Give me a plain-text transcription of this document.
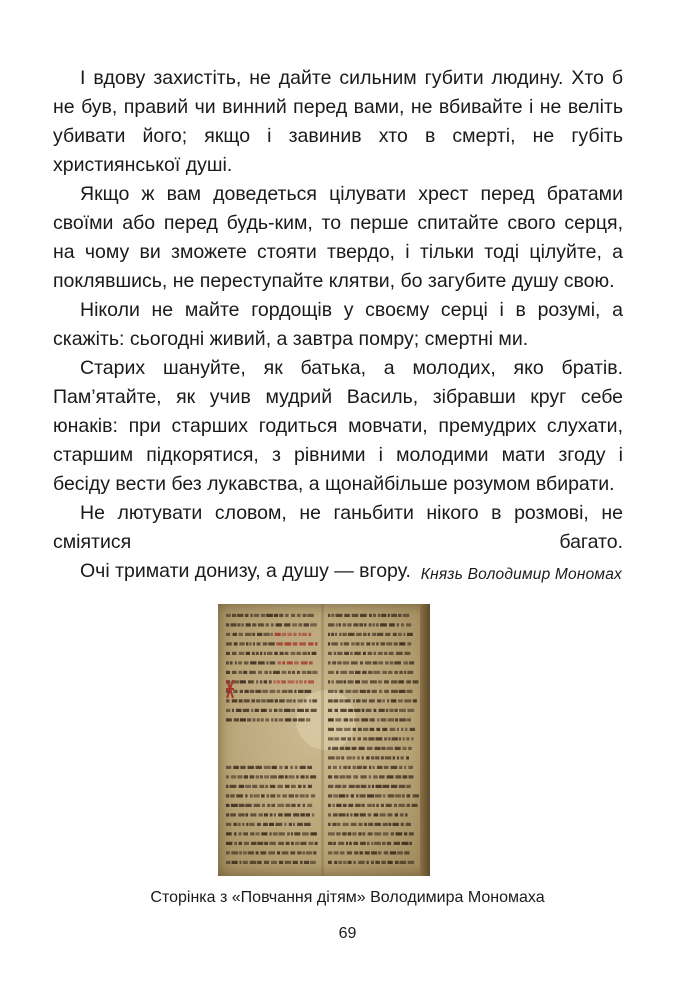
І вдову захистіть, не дайте сильним губити людину. Хто б не був, правий чи винний перед вами, не вбивайте і не веліть убивати його; якщо і завинив хто в смерті, не губіть християнської душі.

Якщо ж вам доведеться цілувати хрест перед братами своїми або перед будь-ким, то перше спитайте свого серця, на чому ви зможете стояти твердо, і тільки тоді цілуйте, а поклявшись, не переступайте клятви, бо загубите душу свою.

Ніколи не майте гордощів у своєму серці і в розумі, а скажіть: сьогодні живий, а завтра помру; смертні ми.

Старих шануйте, як батька, а молодих, яко братів. Пам’ятайте, як учив мудрий Василь, зібравши круг себе юнаків: при старших годиться мовчати, премудрих слухати, старшим підкорятися, з рівними і молодими мати згоду і бесіду вести без лукавства, а щонайбільше розумом вбирати.

Не лютувати словом, не ганьбити нікого в розмові, не сміятися багато.

Очі тримати донизу, а душу — вгору. Князь Володимир Мономах
Сторінка з «Повчання дітям» Володимира Мономаха
69
